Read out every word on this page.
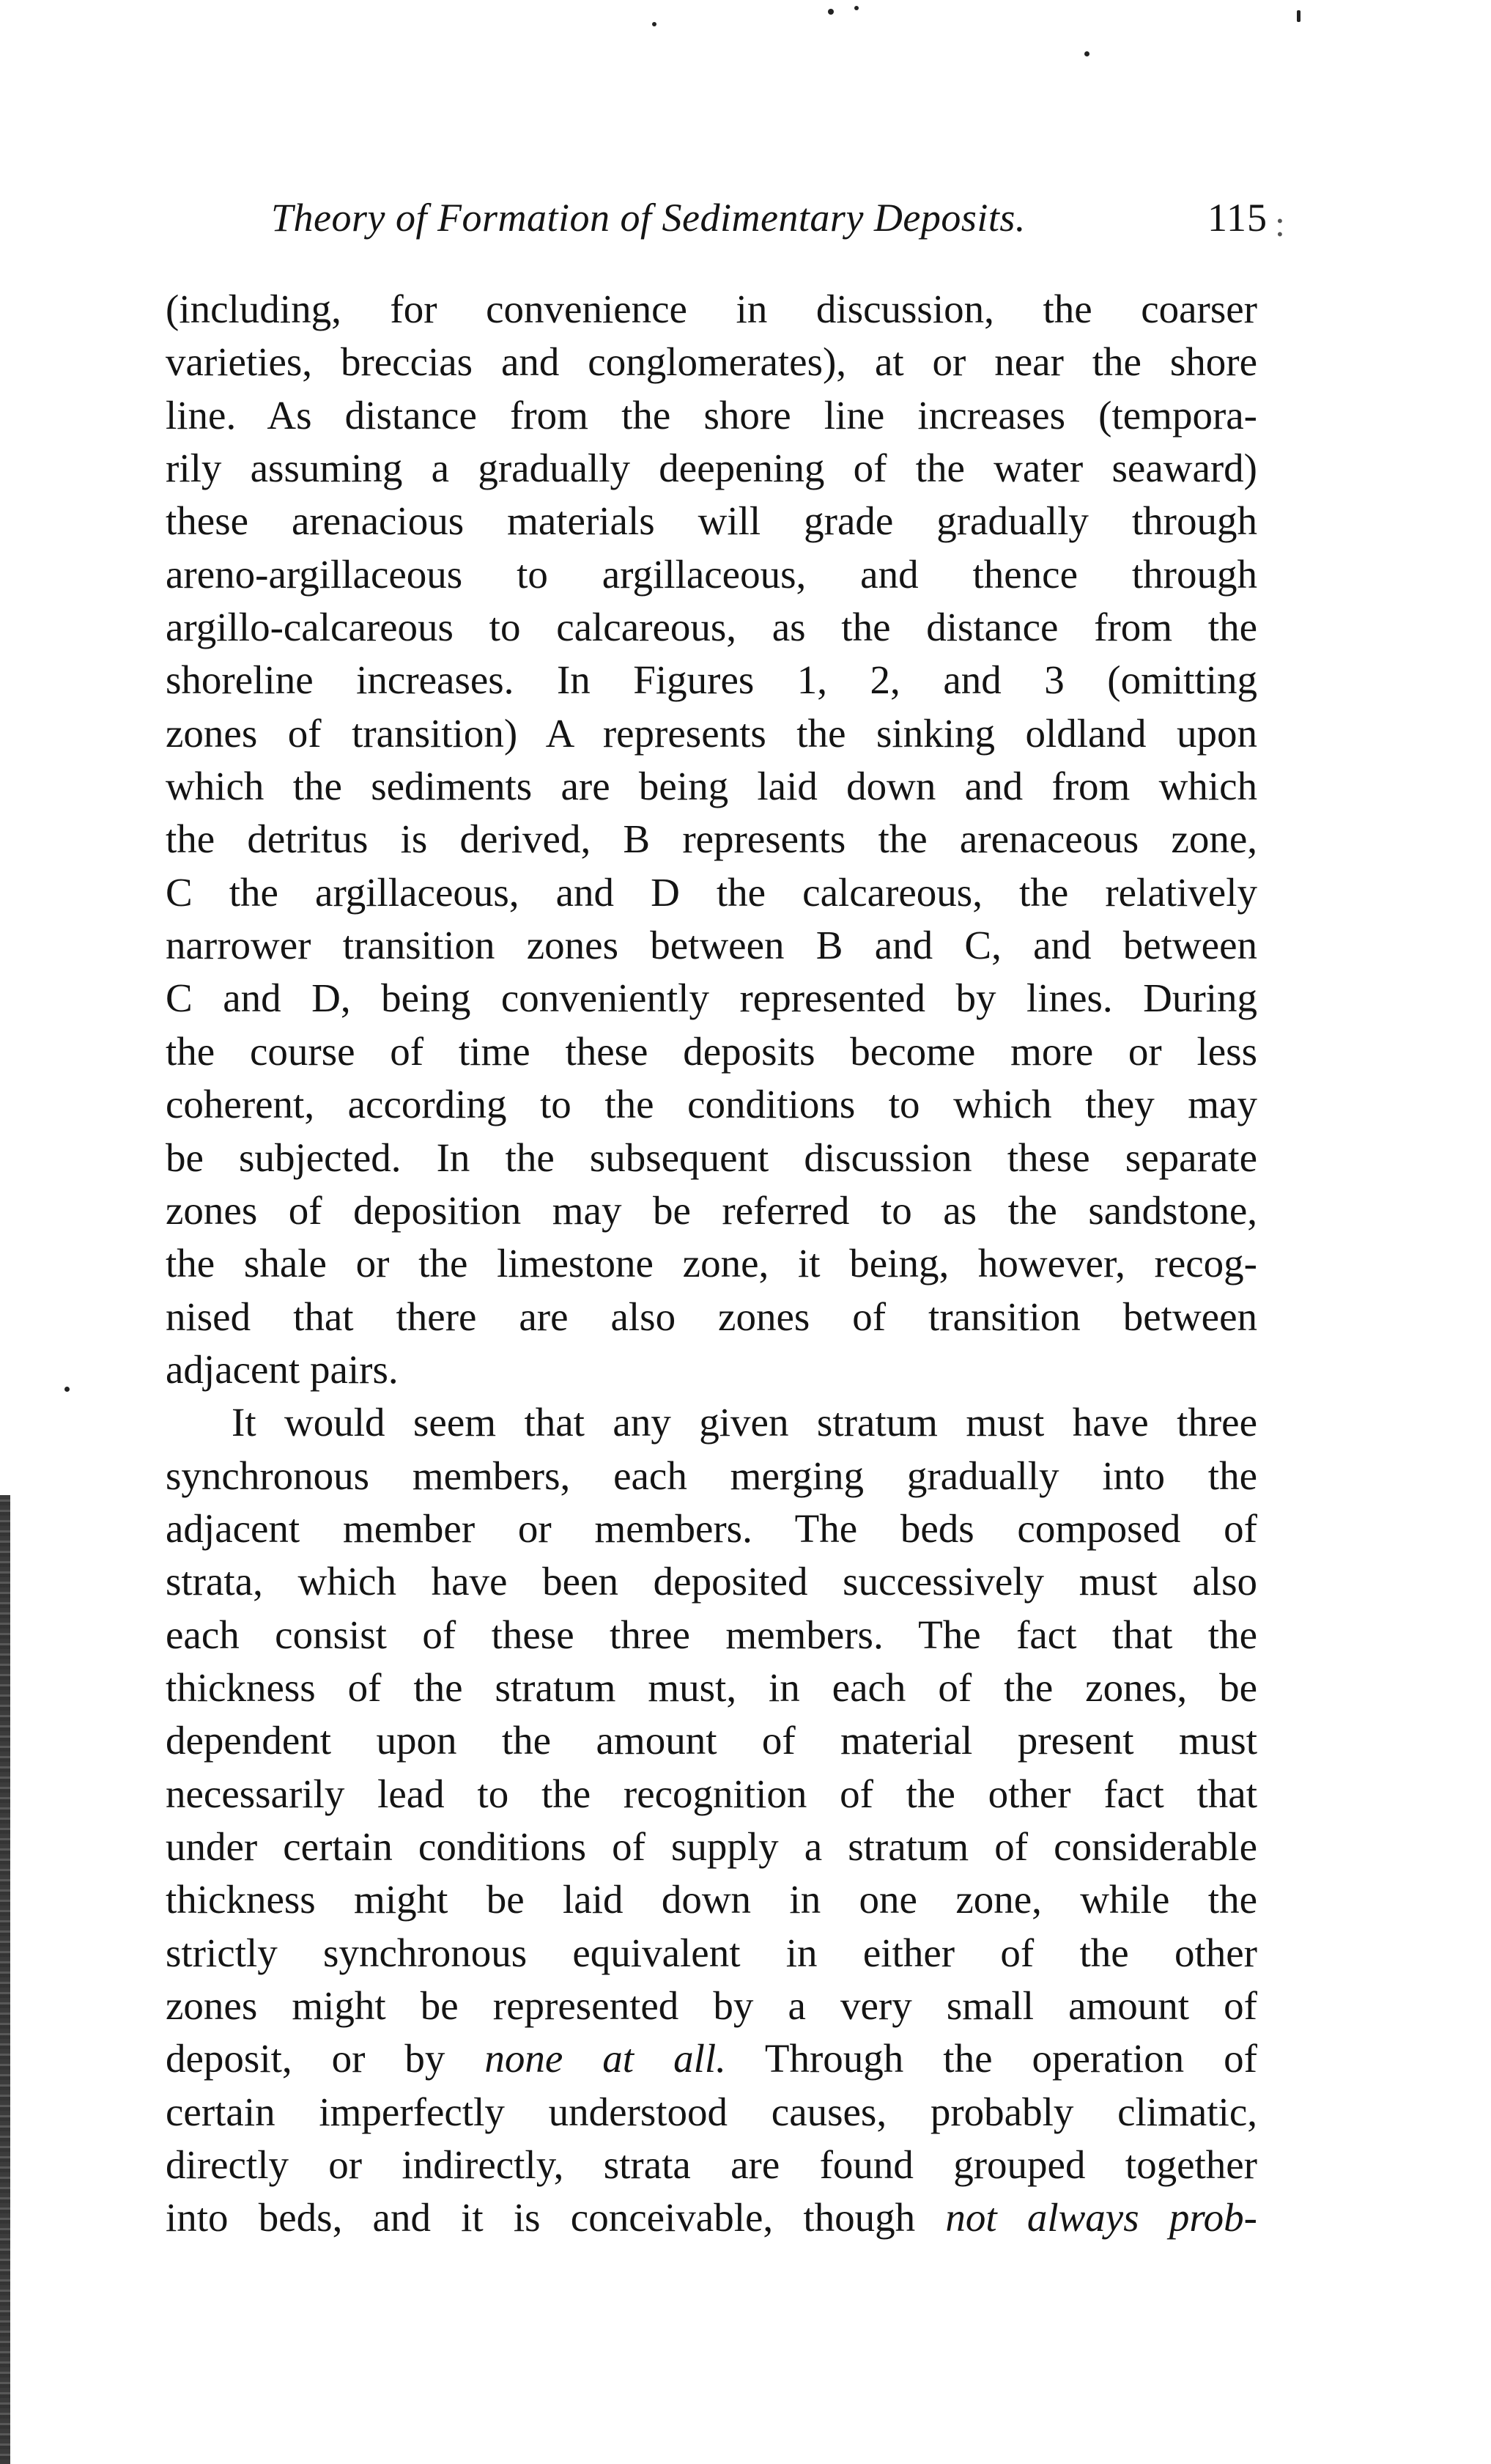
Theory of Formation of Sedimentary Deposits.	115 :
(including, for convenience in discussion, the coarser
varieties, breccias and conglomerates), at or near the shore
line. As distance from the shore line increases (tempora-
rily assuming a gradually deepening of the water seaward)
these arenacious materials will grade gradually through
areno-argillaceous to argillaceous, and thence through
argillo-calcareous to calcareous, as the distance from the
shoreline increases. In Figures 1, 2, and 3 (omitting
zones of transition) A represents the sinking oldland upon
which the sediments are being laid down and from which
the detritus is derived, B represents the arenaceous zone,
C the argillaceous, and D the calcareous, the relatively
narrower transition zones between B and C, and between
C and D, being conveniently represented by lines. During
the course of time these deposits become more or less
coherent, according to the conditions to which they may
be subjected. In the subsequent discussion these separate
zones of deposition may be referred to as the sandstone,
the shale or the limestone zone, it being, however, recog-
nised that there are also zones of transition between
adjacent pairs.
It would seem that any given stratum must have three
synchronous members, each merging gradually into the
adjacent member or members. The beds composed of
strata, which have been deposited successively must also
each consist of these three members. The fact that the
thickness of the stratum must, in each of the zones, be
dependent upon the amount of material present must
necessarily lead to the recognition of the other fact that
under certain conditions of supply a stratum of considerable
thickness might be laid down in one zone, while the
strictly synchronous equivalent in either of the other
zones might be represented by a very small amount of
deposit, or by none at all. Through the operation of
certain imperfectly understood causes, probably climatic,
directly or indirectly, strata are found grouped together
into beds, and it is conceivable, though not always prob-
